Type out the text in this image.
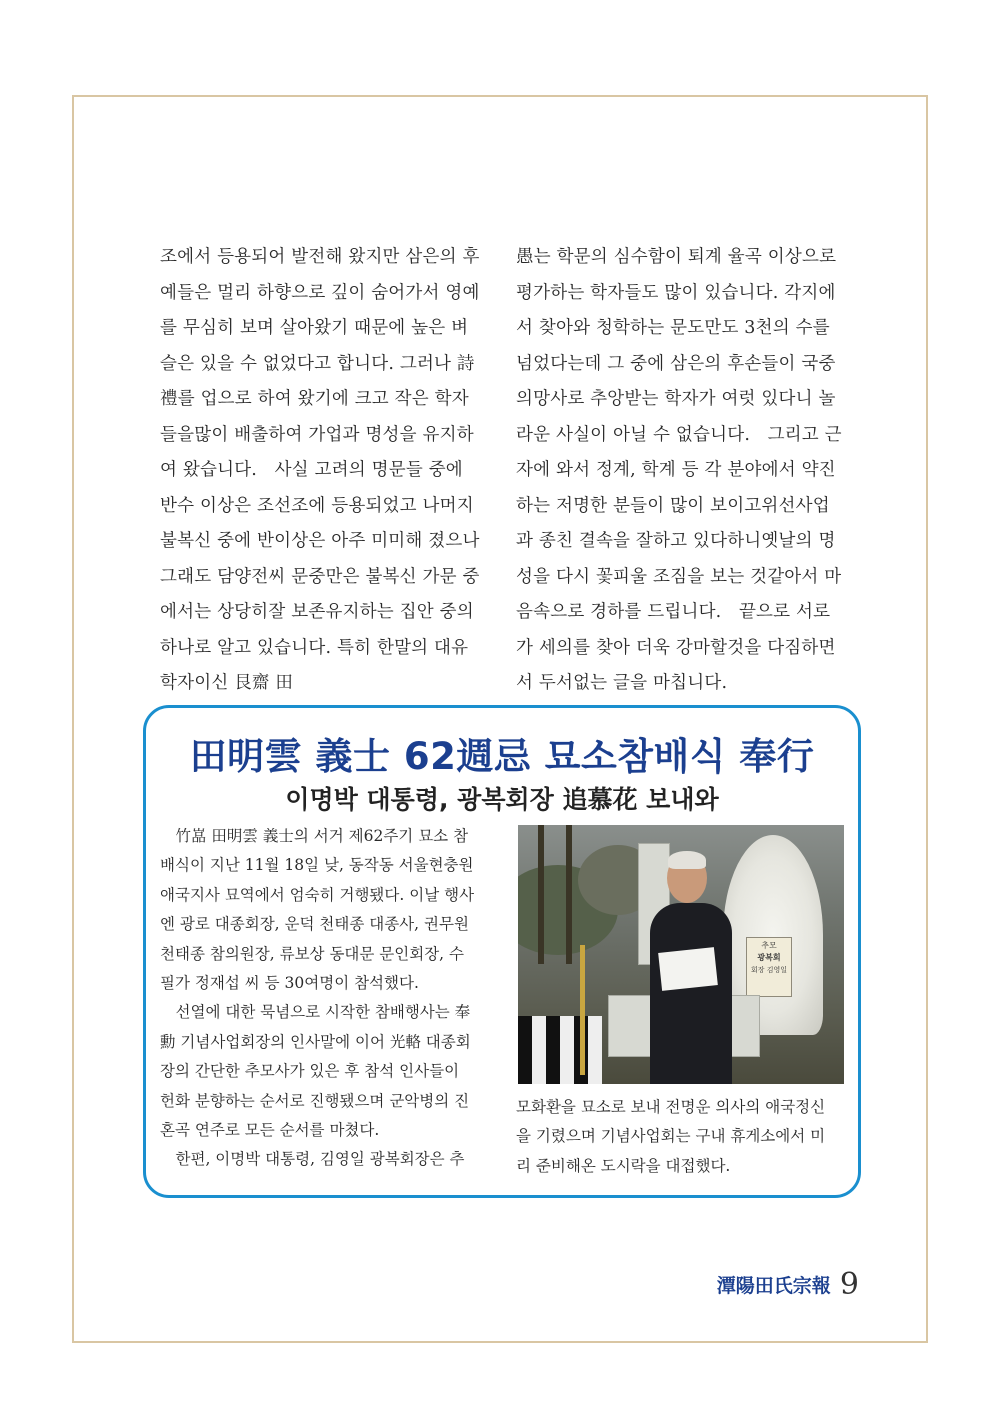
조에서 등용되어 발전해 왔지만 삼은의 후예들은 멀리 하향으로 깊이 숨어가서 영예를 무심히 보며 살아왔기 때문에 높은 벼슬은 있을 수 없었다고 합니다. 그러나 詩禮를 업으로 하여 왔기에 크고 작은 학자들을많이 배출하여 가업과 명성을 유지하여 왔습니다. 사실 고려의 명문들 중에 반수 이상은 조선조에 등용되었고 나머지 불복신 중에 반이상은 아주 미미해 졌으나 그래도 담양전씨 문중만은 불복신 가문 중에서는 상당히잘 보존유지하는 집안 중의 하나로 알고 있습니다. 특히 한말의 대유학자이신 艮齋 田
愚는 학문의 심수함이 퇴계 율곡 이상으로평가하는 학자들도 많이 있습니다. 각지에서 찾아와 청학하는 문도만도 3천의 수를 넘었다는데 그 중에 삼은의 후손들이 국중의망사로 추앙받는 학자가 여럿 있다니 놀라운 사실이 아닐 수 없습니다. 그리고 근자에 와서 정계, 학계 등 각 분야에서 약진하는 저명한 분들이 많이 보이고위선사업과 종친 결속을 잘하고 있다하니옛날의 명성을 다시 꽃피울 조짐을 보는 것같아서 마음속으로 경하를 드립니다. 끝으로 서로가 세의를 찾아 더욱 강마할것을 다짐하면서 두서없는 글을 마칩니다.
田明雲 義士 62週忌 묘소참배식 奉行
이명박 대통령, 광복회장 追慕花 보내와
竹嵓 田明雲 義士의 서거 제62주기 묘소 참
배식이 지난 11월 18일 낮, 동작동 서울현충원
애국지사 묘역에서 엄숙히 거행됐다. 이날 행사
엔 광로 대종회장, 운덕 천태종 대종사, 권무원
천태종 참의원장, 류보상 동대문 문인회장, 수
필가 정재섭 씨 등 30여명이 참석했다.
선열에 대한 묵념으로 시작한 참배행사는 奉
勳 기념사업회장의 인사말에 이어 光輅 대종회
장의 간단한 추모사가 있은 후 참석 인사들이
헌화 분향하는 순서로 진행됐으며 군악병의 진
혼곡 연주로 모든 순서를 마쳤다.
한편, 이명박 대통령, 김영일 광복회장은 추
추모
광복회
회장 김영일
모화환을 묘소로 보내 전명운 의사의 애국정신
을 기렸으며 기념사업회는 구내 휴게소에서 미
리 준비해온 도시락을 대접했다.
潭陽田氏宗報 9
